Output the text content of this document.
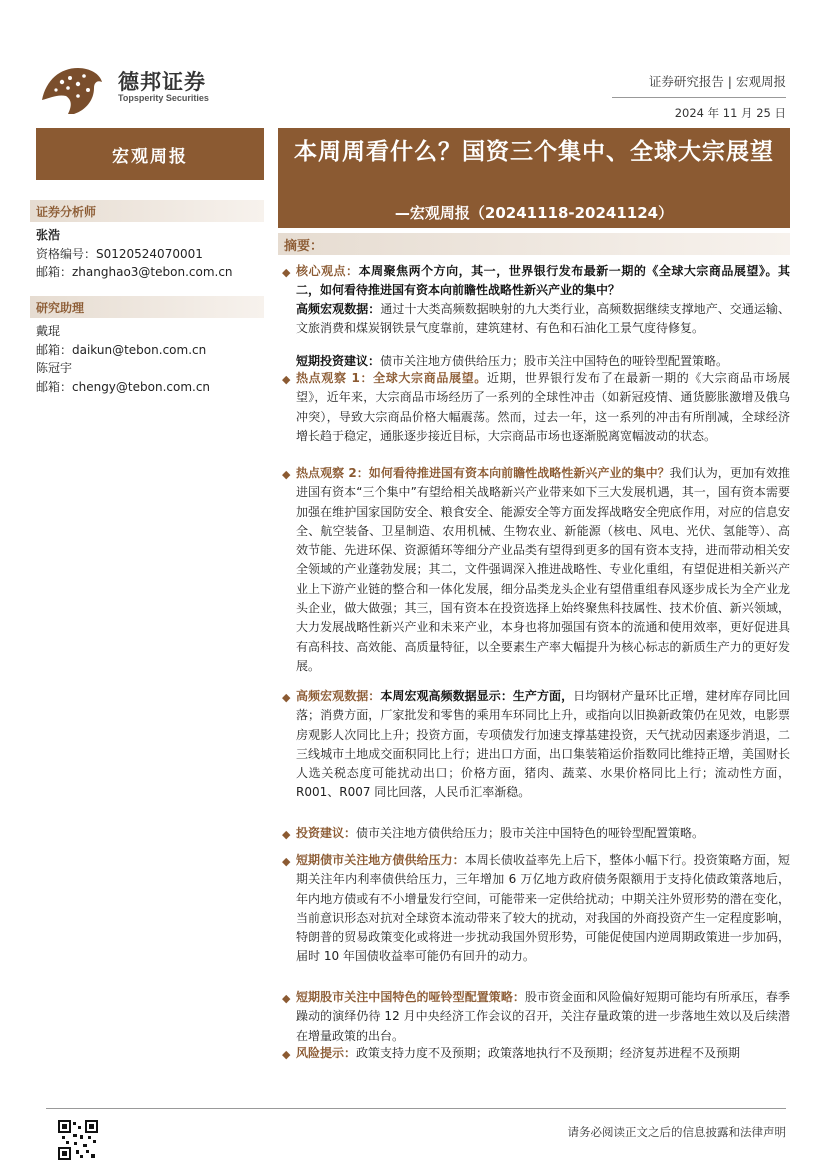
德邦证券
Topsperity Securities
证券研究报告 | 宏观周报
2024 年 11 月 25 日
宏观周报
证券分析师
张浩
资格编号：S0120524070001
邮箱：zhanghao3@tebon.com.cn
研究助理
戴琨
邮箱：daikun@tebon.com.cn
陈冠宇
邮箱：chengy@tebon.com.cn
本周周看什么？国资三个集中、全球大宗展望
—宏观周报（20241118-20241124）
摘要：
◆ 核心观点：本周聚焦两个方向，其一，世界银行发布最新一期的《全球大宗商品展望》。其二，如何看待推进国有资本向前瞻性战略性新兴产业的集中？
高频宏观数据：通过十大类高频数据映射的九大类行业，高频数据继续支撑地产、交通运输、文旅消费和煤炭钢铁景气度靠前，建筑建材、有色和石油化工景气度待修复。
短期投资建议：债市关注地方债供给压力；股市关注中国特色的哑铃型配置策略。
◆ 热点观察 1：全球大宗商品展望。近期，世界银行发布了在最新一期的《大宗商品市场展望》，近年来，大宗商品市场经历了一系列的全球性冲击（如新冠疫情、通货膨胀激增及俄乌冲突），导致大宗商品价格大幅震荡。然而，过去一年，这一系列的冲击有所削减，全球经济增长趋于稳定，通胀逐步接近目标，大宗商品市场也逐渐脱离宽幅波动的状态。
◆ 热点观察 2：如何看待推进国有资本向前瞻性战略性新兴产业的集中？我们认为，更加有效推进国有资本“三个集中”有望给相关战略新兴产业带来如下三大发展机遇，其一，国有资本需要加强在维护国家国防安全、粮食安全、能源安全等方面发挥战略安全兜底作用，对应的信息安全、航空装备、卫星制造、农用机械、生物农业、新能源（核电、风电、光伏、氢能等）、高效节能、先进环保、资源循环等细分产业品类有望得到更多的国有资本支持，进而带动相关安全领域的产业蓬勃发展；其二，文件强调深入推进战略性、专业化重组，有望促进相关新兴产业上下游产业链的整合和一体化发展，细分品类龙头企业有望借重组春风逐步成长为全产业龙头企业，做大做强；其三，国有资本在投资选择上始终聚焦科技属性、技术价值、新兴领域，大力发展战略性新兴产业和未来产业，本身也将加强国有资本的流通和使用效率，更好促进具有高科技、高效能、高质量特征，以全要素生产率大幅提升为核心标志的新质生产力的更好发展。
◆ 高频宏观数据：本周宏观高频数据显示：生产方面，日均钢材产量环比正增，建材库存同比回落；消费方面，厂家批发和零售的乘用车环同比上升，或指向以旧换新政策仍在见效，电影票房观影人次同比上升；投资方面，专项债发行加速支撑基建投资，天气扰动因素逐步消退，二三线城市土地成交面积同比上行；进出口方面，出口集装箱运价指数同比维持正增，美国财长人选关税态度可能扰动出口；价格方面，猪肉、蔬菜、水果价格同比上行；流动性方面，R001、R007 同比回落，人民币汇率渐稳。
◆ 投资建议：债市关注地方债供给压力；股市关注中国特色的哑铃型配置策略。
◆ 短期债市关注地方债供给压力：本周长债收益率先上后下，整体小幅下行。投资策略方面，短期关注年内利率债供给压力，三年增加 6 万亿地方政府债务限额用于支持化债政策落地后，年内地方债或有不小增量发行空间，可能带来一定供给扰动；中期关注外贸形势的潜在变化，当前意识形态对抗对全球资本流动带来了较大的扰动，对我国的外商投资产生一定程度影响，特朗普的贸易政策变化或将进一步扰动我国外贸形势，可能促使国内逆周期政策进一步加码，届时 10 年国债收益率可能仍有回升的动力。
◆ 短期股市关注中国特色的哑铃型配置策略：股市资金面和风险偏好短期可能均有所承压，春季躁动的演绎仍待 12 月中央经济工作会议的召开，关注存量政策的进一步落地生效以及后续潜在增量政策的出台。
◆ 风险提示：政策支持力度不及预期；政策落地执行不及预期；经济复苏进程不及预期
请务必阅读正文之后的信息披露和法律声明
